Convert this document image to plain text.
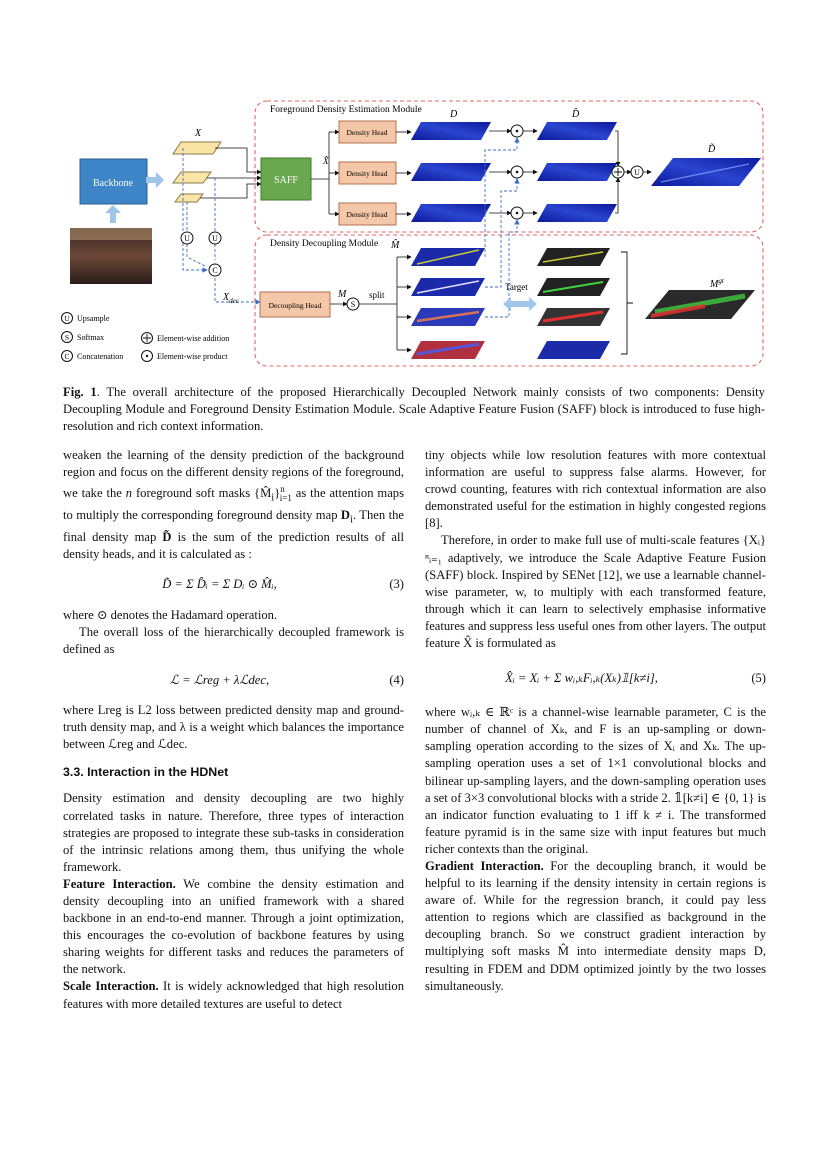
Foreground Density Estimation Module
Density Decoupling Module
Backbone
X
U	U
C
$X_{dec}$
SAFF
X̂
Density Head
Density Head
Density Head
D	D̂
U
D̃
Decoupling Head
M
S
split
M̂
Target	$M^{gt}$
U Upsample
S Softmax
C Concatenation
Element-wise addition
Element-wise product
Fig. 1. The overall architecture of the proposed Hierarchically Decoupled Network mainly consists of two components: Density Decoupling Module and Foreground Density Estimation Module. Scale Adaptive Feature Fusion (SAFF) block is introduced to fuse high-resolution and rich context information.

weaken the learning of the density prediction of the background region and focus on the different density regions of the foreground, we take the n foreground soft masks $\{M̂_i\}^n_{i=1}$ as the attention maps to multiply the corresponding foreground density map $D_i$. Then the final density map D̃ is the sum of the prediction results of all density heads, and it is calculated as :

D̃ = Σ D̂ᵢ = Σ Dᵢ ⊙ M̂ᵢ,	(3)

where ⊙ denotes the Hadamard operation.

The overall loss of the hierarchically decoupled framework is defined as

ℒ = ℒreg + λℒdec,	(4)

where Lreg is L2 loss between predicted density map and ground-truth density map, and λ is a weight which balances the importance between ℒreg and ℒdec.

3.3. Interaction in the HDNet

Density estimation and density decoupling are two highly correlated tasks in nature. Therefore, three types of interaction strategies are proposed to integrate these sub-tasks in consideration of the intrinsic relations among them, thus unifying the whole framework.

Feature Interaction. We combine the density estimation and density decoupling into an unified framework with a shared backbone in an end-to-end manner. Through a joint optimization, this encourages the co-evolution of backbone features by using sharing weights for different tasks and reduces the parameters of the network.

Scale Interaction. It is widely acknowledged that high resolution features with more detailed textures are useful to detect

tiny objects while low resolution features with more contextual information are useful to suppress false alarms. However, for crowd counting, features with rich contextual information are also demonstrated useful for the estimation in highly congested regions [8].

Therefore, in order to make full use of multi-scale features {Xᵢ}ⁿᵢ₌₁ adaptively, we introduce the Scale Adaptive Feature Fusion (SAFF) block. Inspired by SENet [12], we use a learnable channel-wise parameter, w, to multiply with each transformed feature, through which it can learn to selectively emphasise informative features and suppress less useful ones from other layers. The output feature X̂ is formulated as

X̂ᵢ = Xᵢ + Σ wᵢ,ₖFᵢ,ₖ(Xₖ)𝟙[k≠i],	(5)

where wᵢ,ₖ ∈ ℝᶜ is a channel-wise learnable parameter, C is the number of channel of Xₖ, and F is an up-sampling or down-sampling operation according to the sizes of Xᵢ and Xₖ. The up-sampling operation uses a set of 1×1 convolutional blocks and bilinear up-sampling layers, and the down-sampling operation uses a set of 3×3 convolutional blocks with a stride 2. 𝟙[k≠i] ∈ {0, 1} is an indicator function evaluating to 1 iff k ≠ i. The transformed feature pyramid is in the same size with input features but much richer contexts than the original.

Gradient Interaction. For the decoupling branch, it would be helpful to its learning if the density intensity in certain regions is aware of. While for the regression branch, it could pay less attention to regions which are classified as background in the decoupling branch. So we construct gradient interaction by multiplying soft masks M̂ into intermediate density maps D, resulting in FDEM and DDM optimized jointly by the two losses simultaneously.
